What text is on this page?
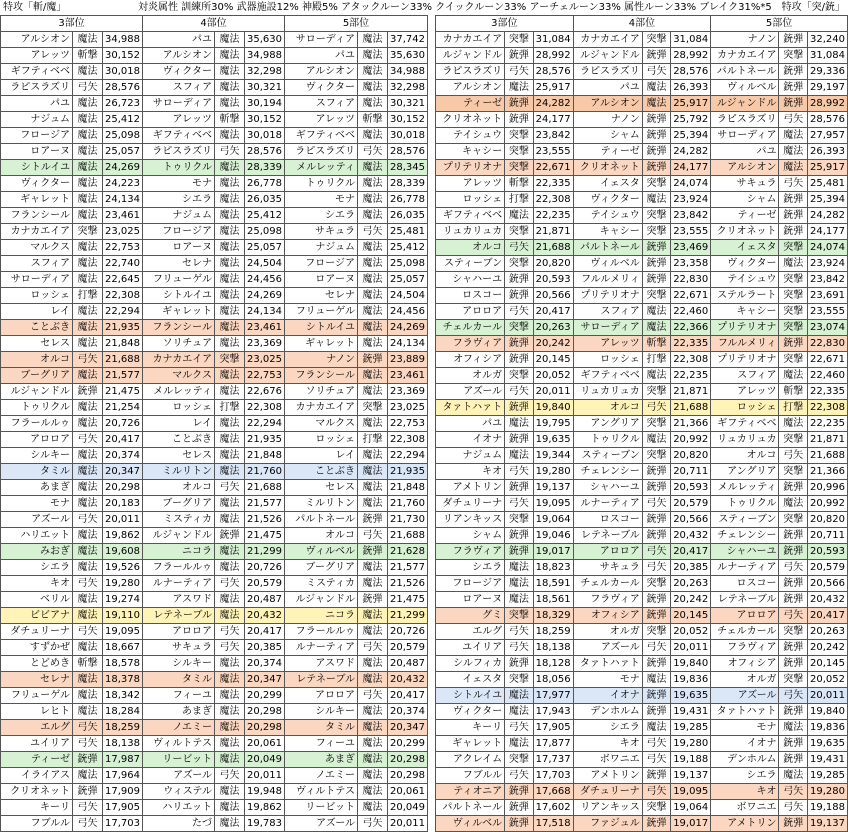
特攻「斬/魔」	対炎属性 訓練所30% 武器施設12% 神殿5% アタックルーン33% クイックルーン33% アーチェルーン33% 属性ルーン33% ブレイク31%*5 特攻「突/銃」
3部位			4部位			5部位		
アルシオン	魔法	34,988	パユ	魔法	35,630	サローディア	魔法	37,742
アレッツ	斬撃	30,152	アルシオン	魔法	34,988	パユ	魔法	35,630
ギフティベベ	魔法	30,018	ヴィクター	魔法	32,298	アルシオン	魔法	34,988
ラピスラズリ	弓矢	28,576	スフィア	魔法	30,321	ヴィクター	魔法	32,298
パユ	魔法	26,723	サローディア	魔法	30,194	スフィア	魔法	30,321
ナジュム	魔法	25,412	アレッツ	斬撃	30,152	アレッツ	斬撃	30,152
フロージア	魔法	25,098	ギフティベベ	魔法	30,018	ギフティベベ	魔法	30,018
ロアーヌ	魔法	25,057	ラピスラズリ	弓矢	28,576	ラピスラズリ	弓矢	28,576
シトルイユ	魔法	24,269	トゥリクル	魔法	28,339	メルレッティ	魔法	28,345
ヴィクター	魔法	24,223	モナ	魔法	26,778	トゥリクル	魔法	28,339
ギャレット	魔法	24,134	シエラ	魔法	26,035	モナ	魔法	26,778
フランシール	魔法	23,461	ナジュム	魔法	25,412	シエラ	魔法	26,035
カナカエイア	突撃	23,025	フロージア	魔法	25,098	サキュラ	弓矢	25,481
マルクス	魔法	22,753	ロアーヌ	魔法	25,057	ナジュム	魔法	25,412
スフィア	魔法	22,740	セレナ	魔法	24,504	フロージア	魔法	25,098
サローディア	魔法	22,645	フリューゲル	魔法	24,456	ロアーヌ	魔法	25,057
ロッシェ	打撃	22,308	シトルイユ	魔法	24,269	セレナ	魔法	24,504
レイ	魔法	22,294	ギャレット	魔法	24,134	フリューゲル	魔法	24,456
ことぶき	魔法	21,935	フランシール	魔法	23,461	シトルイユ	魔法	24,269
セレス	魔法	21,848	ソリチュア	魔法	23,369	ギャレット	魔法	24,134
オルコ	弓矢	21,688	カナカエイア	突撃	23,025	ナノン	銃弾	23,889
ブーグリア	魔法	21,577	マルクス	魔法	22,753	フランシール	魔法	23,461
ルジャンドル	銃弾	21,475	メルレッティ	魔法	22,676	ソリチュア	魔法	23,369
トゥリクル	魔法	21,254	ロッシェ	打撃	22,308	カナカエイア	突撃	23,025
フラールルゥ	魔法	20,726	レイ	魔法	22,294	マルクス	魔法	22,753
アロロア	弓矢	20,417	ことぶき	魔法	21,935	ロッシェ	打撃	22,308
シルキー	魔法	20,374	セレス	魔法	21,848	レイ	魔法	22,294
タミル	魔法	20,347	ミルリトン	魔法	21,760	ことぶき	魔法	21,935
あまぎ	魔法	20,298	オルコ	弓矢	21,688	セレス	魔法	21,848
モナ	魔法	20,183	ブーグリア	魔法	21,577	ミルリトン	魔法	21,760
アズール	弓矢	20,011	ミスティカ	魔法	21,526	パルトネール	銃弾	21,730
ハリエット	魔法	19,862	ルジャンドル	銃弾	21,475	オルコ	弓矢	21,688
みおぎ	魔法	19,608	ニコラ	魔法	21,299	ヴィルベル	銃弾	21,628
シエラ	魔法	19,526	フラールルゥ	魔法	20,726	ブーグリア	魔法	21,577
キオ	弓矢	19,280	ルナーティア	弓矢	20,579	ミスティカ	魔法	21,526
ベリル	魔法	19,274	アスワド	魔法	20,487	ルジャンドル	銃弾	21,475
ビビアナ	魔法	19,110	レテネーブル	魔法	20,432	ニコラ	魔法	21,299
ダチュリーナ	弓矢	19,095	アロロア	弓矢	20,417	フラールルゥ	魔法	20,726
すずかぜ	魔法	18,667	サキュラ	弓矢	20,385	ルナーティア	弓矢	20,579
とどめき	斬撃	18,578	シルキー	魔法	20,374	アスワド	魔法	20,487
セレナ	魔法	18,378	タミル	魔法	20,347	レテネーブル	魔法	20,432
フリューゲル	魔法	18,342	フィーユ	魔法	20,299	アロロア	弓矢	20,417
レヒト	魔法	18,284	あまぎ	魔法	20,298	シルキー	魔法	20,374
エルグ	弓矢	18,259	ノエミー	魔法	20,298	タミル	魔法	20,347
ユイリア	弓矢	18,138	ヴィルトテス	魔法	20,061	フィーユ	魔法	20,299
ティーゼ	銃弾	17,987	リービット	魔法	20,049	あまぎ	魔法	20,298
イライアス	魔法	17,964	アズール	弓矢	20,011	ノエミー	魔法	20,298
クリオネット	銃弾	17,909	ウィステル	魔法	19,948	ヴィルトテス	魔法	20,061
キーリ	弓矢	17,905	ハリエット	魔法	19,862	リービット	魔法	20,049
フブルル	弓矢	17,703	たづ	魔法	19,783	アズール	弓矢	20,011
3部位			4部位			5部位		
カナカエイア	突撃	31,084	カナカエイア	突撃	31,084	ナノン	銃弾	32,240
ルジャンドル	銃弾	28,992	ルジャンドル	銃弾	28,992	カナカエイア	突撃	31,084
ラピスラズリ	弓矢	28,576	ラピスラズリ	弓矢	28,576	パルトネール	銃弾	29,336
アルシオン	魔法	25,917	パユ	魔法	26,393	ヴィルベル	銃弾	29,197
ティーゼ	銃弾	24,282	アルシオン	魔法	25,917	ルジャンドル	銃弾	28,992
クリオネット	銃弾	24,177	ナノン	銃弾	25,792	ラピスラズリ	弓矢	28,576
テイシュウ	突撃	23,842	シャム	銃弾	25,394	サローディア	魔法	27,957
キャシー	突撃	23,555	ティーゼ	銃弾	24,282	パユ	魔法	26,393
プリテリオナ	突撃	22,671	クリオネット	銃弾	24,177	アルシオン	魔法	25,917
アレッツ	斬撃	22,335	イェスタ	突撃	24,074	サキュラ	弓矢	25,481
ロッシェ	打撃	22,308	ヴィクター	魔法	23,924	シャム	銃弾	25,394
ギフティベベ	魔法	22,235	テイシュウ	突撃	23,842	ティーゼ	銃弾	24,282
リュカリュカ	突撃	21,871	キャシー	突撃	23,555	クリオネット	銃弾	24,177
オルコ	弓矢	21,688	パルトネール	銃弾	23,469	イェスタ	突撃	24,074
スティーブン	突撃	20,820	ヴィルベル	銃弾	23,358	ヴィクター	魔法	23,924
シャハーユ	銃弾	20,593	フルルメリィ	銃弾	22,830	テイシュウ	突撃	23,842
ロスコー	銃弾	20,566	プリテリオナ	突撃	22,671	ステルラート	突撃	23,691
アロロア	弓矢	20,417	スフィア	魔法	22,460	キャシー	突撃	23,555
チェルカール	突撃	20,263	サローディア	魔法	22,366	プリテリオナ	突撃	23,074
フラヴィア	銃弾	20,242	アレッツ	斬撃	22,335	フルルメリィ	銃弾	22,830
オフィシア	銃弾	20,145	ロッシェ	打撃	22,308	プリテリオナ	突撃	22,671
オルガ	突撃	20,052	ギフティベベ	魔法	22,235	スフィア	魔法	22,460
アズール	弓矢	20,011	リュカリュカ	突撃	21,871	アレッツ	斬撃	22,335
タァトハァト	銃弾	19,840	オルコ	弓矢	21,688	ロッシェ	打撃	22,308
パユ	魔法	19,795	アングリア	突撃	21,366	ギフティベベ	魔法	22,235
イオナ	銃弾	19,635	トゥリクル	魔法	20,992	リュカリュカ	突撃	21,871
ナジュム	魔法	19,344	スティーブン	突撃	20,820	オルコ	弓矢	21,688
キオ	弓矢	19,280	チェレンシー	銃弾	20,711	アングリア	突撃	21,366
アメトリン	銃弾	19,137	シャハーユ	銃弾	20,593	メルレッティ	銃弾	20,996
ダチュリーナ	弓矢	19,095	ルナーティア	弓矢	20,579	トゥリクル	魔法	20,992
リアンキッス	突撃	19,064	ロスコー	銃弾	20,566	スティーブン	突撃	20,820
シャム	銃弾	19,046	レテネーブル	銃弾	20,432	チェレンシー	銃弾	20,711
フラヴィア	銃弾	19,017	アロロア	弓矢	20,417	シャハーユ	銃弾	20,593
シエラ	魔法	18,823	サキュラ	弓矢	20,385	ルナーティア	弓矢	20,579
フロージア	魔法	18,591	チェルカール	突撃	20,263	ロスコー	銃弾	20,566
ロアーヌ	魔法	18,561	フラヴィア	銃弾	20,242	レテネーブル	銃弾	20,432
グミ	突撃	18,329	オフィシア	銃弾	20,145	アロロア	弓矢	20,417
エルグ	弓矢	18,259	オルガ	突撃	20,052	チェルカール	突撃	20,263
ユイリア	弓矢	18,138	アズール	弓矢	20,011	フラヴィア	銃弾	20,242
シルフィカ	銃弾	18,128	タァトハァト	銃弾	19,840	オフィシア	銃弾	20,145
イェスタ	突撃	18,056	モナ	魔法	19,836	オルガ	突撃	20,052
シトルイユ	魔法	17,977	イオナ	銃弾	19,635	アズール	弓矢	20,011
ヴィクター	魔法	17,943	デンホルム	銃弾	19,431	タァトハァト	銃弾	19,840
キーリ	弓矢	17,905	シエラ	魔法	19,285	モナ	魔法	19,836
ギャレット	魔法	17,877	キオ	弓矢	19,280	イオナ	銃弾	19,635
アクレイム	突撃	17,737	ボワニエ	弓矢	19,188	デンホルム	銃弾	19,431
フブルル	弓矢	17,703	アメトリン	銃弾	19,137	シエラ	魔法	19,285
ティオニア	銃弾	17,668	ダチュリーナ	弓矢	19,095	キオ	弓矢	19,280
パルトネール	銃弾	17,602	リアンキッス	突撃	19,064	ボワニエ	弓矢	19,188
ヴィルベル	銃弾	17,518	ファジュル	銃弾	19,017	アメトリン	銃弾	19,137
